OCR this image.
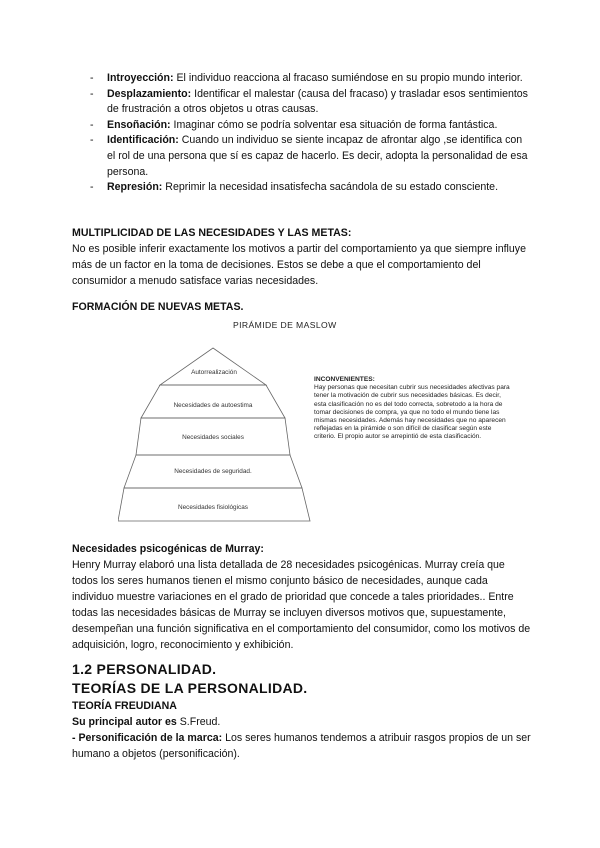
- Introyección: El individuo reacciona al fracaso sumiéndose en su propio mundo interior.
- Desplazamiento: Identificar el malestar (causa del fracaso) y trasladar esos sentimientos de frustración a otros objetos u otras causas.
- Ensoñación: Imaginar cómo se podría solventar esa situación de forma fantástica.
- Identificación: Cuando un individuo se siente incapaz de afrontar algo ,se identifica con el rol de una persona que sí es capaz de hacerlo. Es decir, adopta la personalidad de esa persona.
- Represión: Reprimir la necesidad insatisfecha sacándola de su estado consciente.
MULTIPLICIDAD DE LAS NECESIDADES Y LAS METAS:
No es posible inferir exactamente los motivos a partir del comportamiento ya que siempre influye más de un factor en la toma de decisiones. Estos se debe a que el comportamiento del consumidor a menudo satisface varias necesidades.
FORMACIÓN DE NUEVAS METAS.
PIRÁMIDE DE MASLOW
Autorrealización
Necesidades de autoestima
Necesidades sociales
Necesidades de seguridad.
Necesidades fisiológicas
INCONVENIENTES:
Hay personas que necesitan cubrir sus necesidades afectivas para tener la motivación de cubrir sus necesidades básicas. Es decir, esta clasificación no es del todo correcta, sobretodo a la hora de tomar decisiones de compra, ya que no todo el mundo tiene las mismas necesidades. Además hay necesidades que no aparecen reflejadas en la pirámide o son difícil de clasificar según este criterio. El propio autor se arrepintió de esta clasificación.
Necesidades psicogénicas de Murray:
Henry Murray elaboró una lista detallada de 28 necesidades psicogénicas. Murray creía que todos los seres humanos tienen el mismo conjunto básico de necesidades, aunque cada individuo muestre variaciones en el grado de prioridad que concede a tales prioridades.. Entre todas las necesidades básicas de Murray se incluyen diversos motivos que, supuestamente, desempeñan una función significativa en el comportamiento del consumidor, como los motivos de adquisición, logro, reconocimiento y exhibición.
1.2 PERSONALIDAD.
TEORÍAS DE LA PERSONALIDAD.
TEORÍA FREUDIANA
Su principal autor es S.Freud.
- Personificación de la marca: Los seres humanos tendemos a atribuir rasgos propios de un ser humano a objetos (personificación).
